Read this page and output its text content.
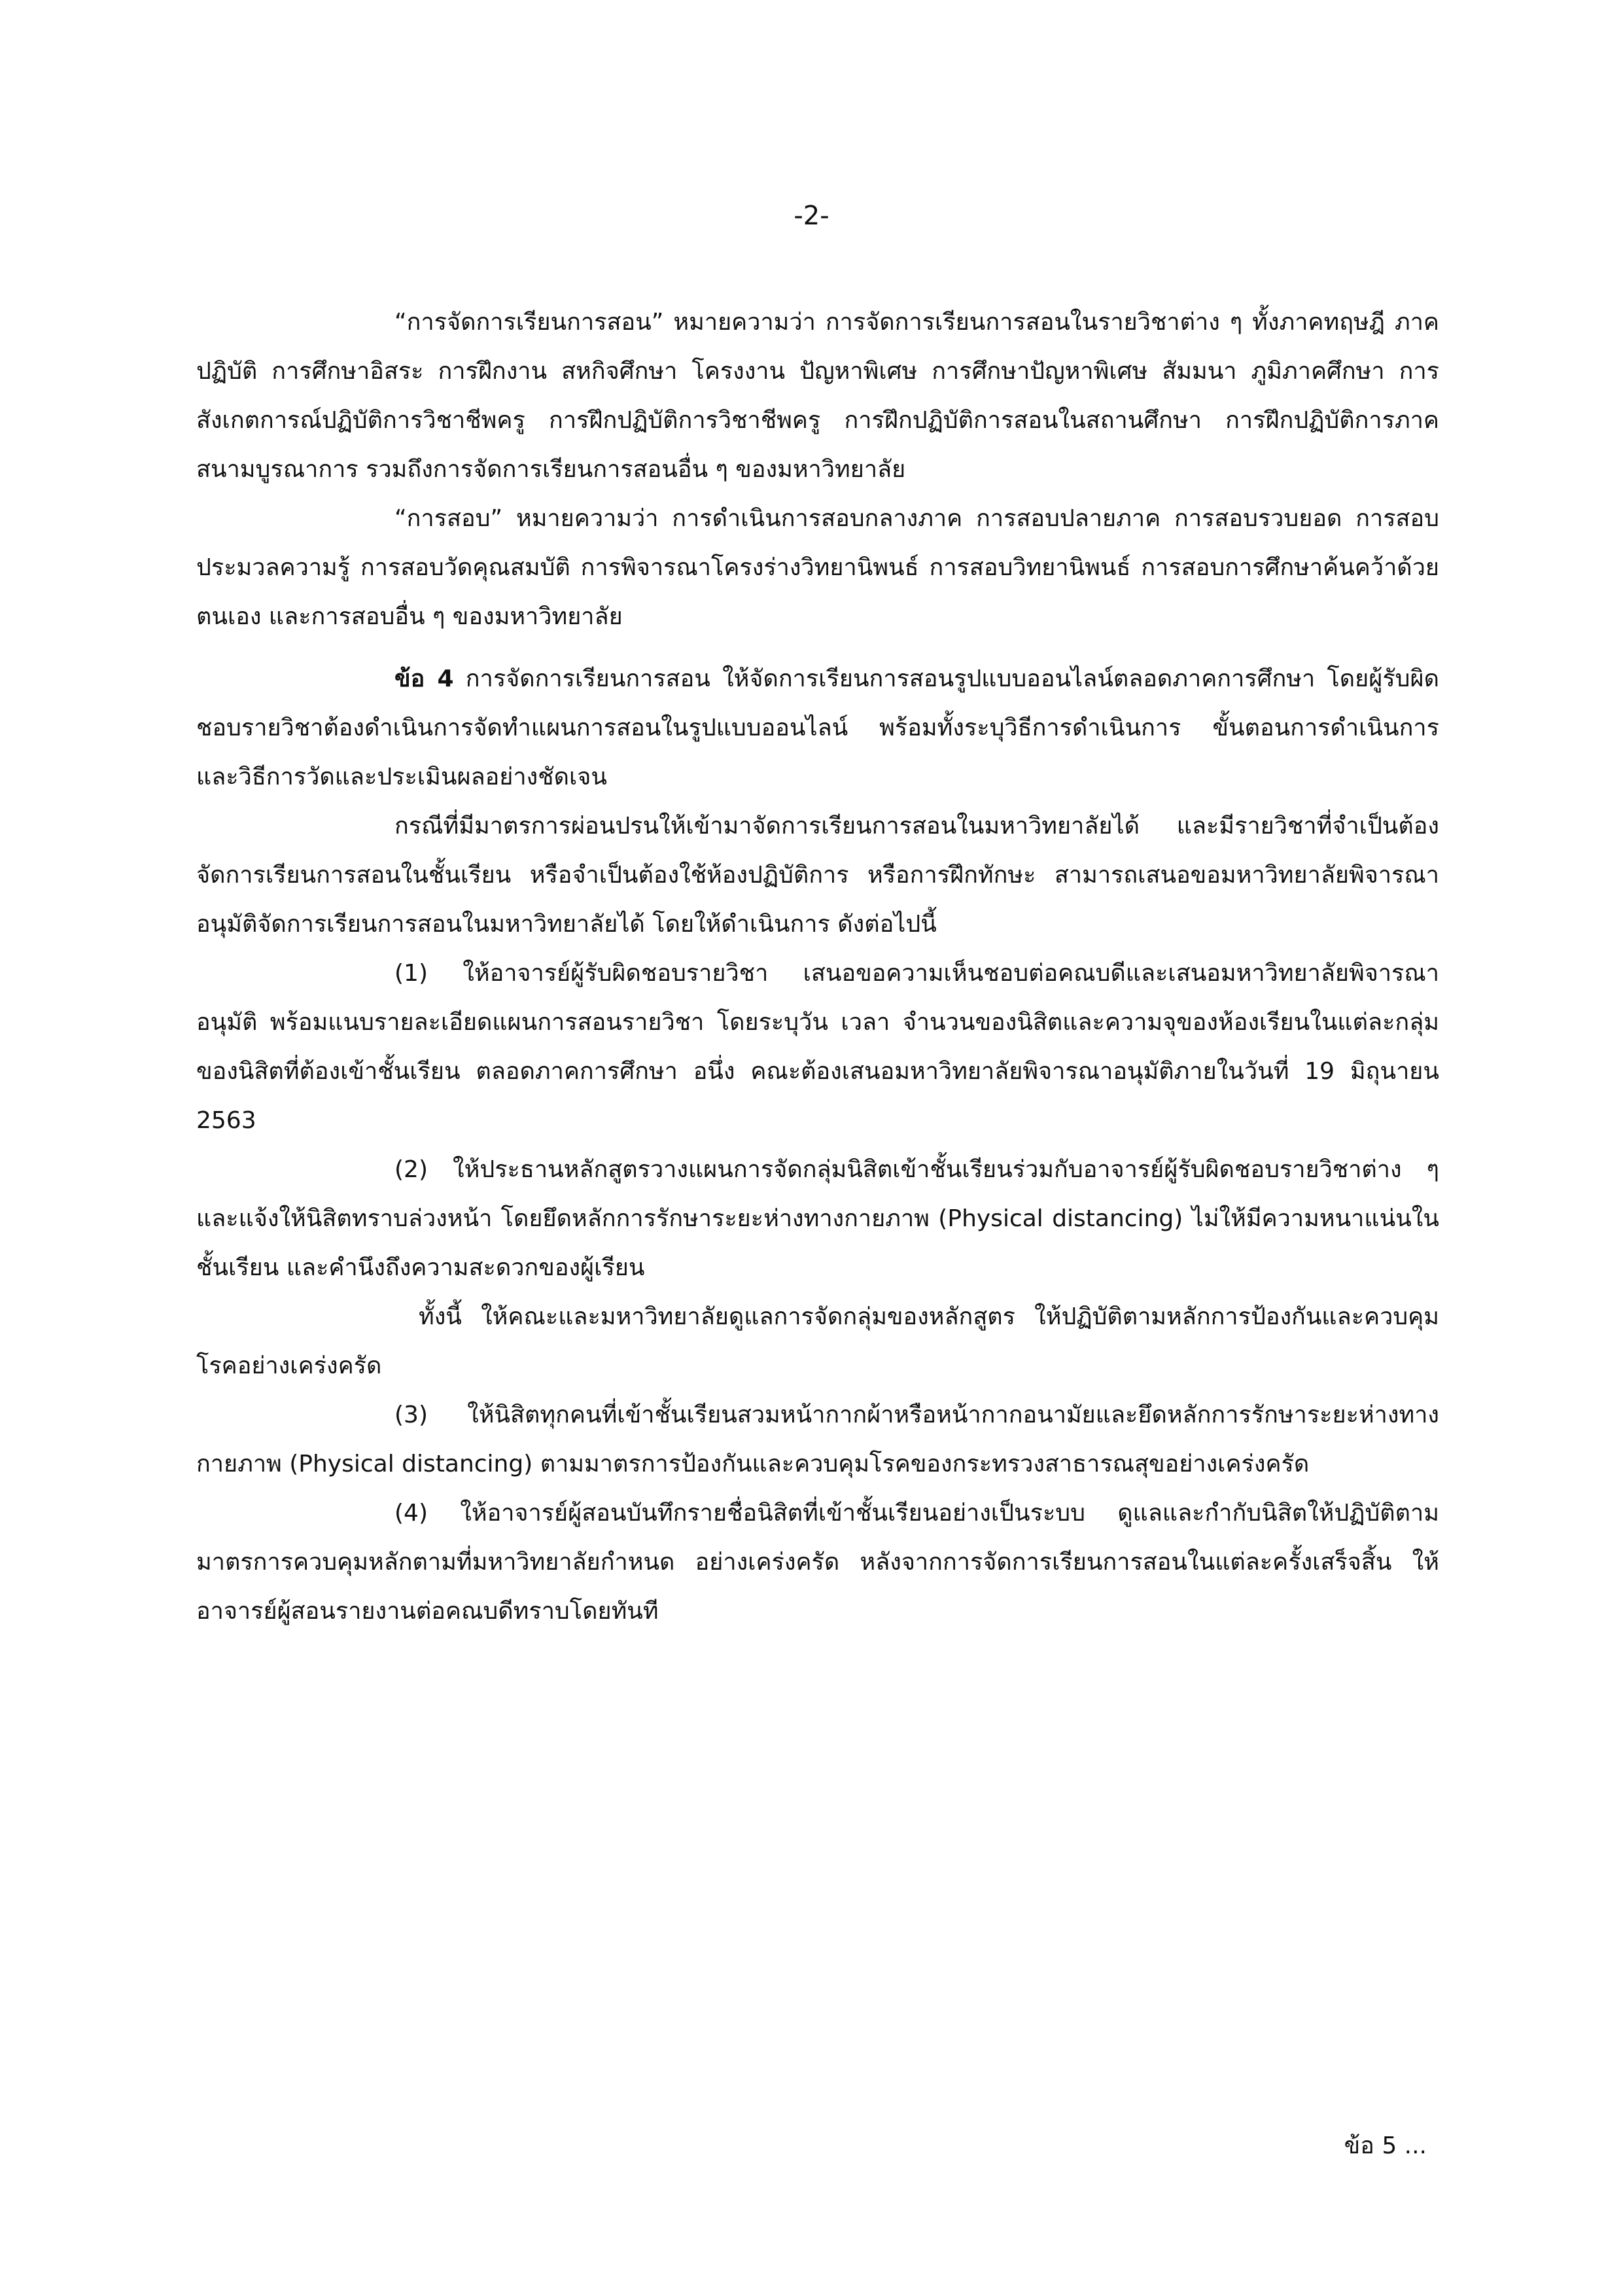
-2-

“การจัดการเรียนการสอน” หมายความว่า การจัดการเรียนการสอนในรายวิชาต่าง ๆ ทั้งภาคทฤษฎี ภาคปฏิบัติ การศึกษาอิสระ การฝึกงาน สหกิจศึกษา โครงงาน ปัญหาพิเศษ การศึกษาปัญหาพิเศษ สัมมนา ภูมิภาคศึกษา การสังเกตการณ์ปฏิบัติการวิชาชีพครู การฝึกปฏิบัติการวิชาชีพครู การฝึกปฏิบัติการสอนในสถานศึกษา การฝึกปฏิบัติการภาคสนามบูรณาการ รวมถึงการจัดการเรียนการสอนอื่น ๆ ของมหาวิทยาลัย

“การสอบ” หมายความว่า การดำเนินการสอบกลางภาค การสอบปลายภาค การสอบรวบยอด การสอบประมวลความรู้ การสอบวัดคุณสมบัติ การพิจารณาโครงร่างวิทยานิพนธ์ การสอบวิทยานิพนธ์ การสอบการศึกษาค้นคว้าด้วยตนเอง และการสอบอื่น ๆ ของมหาวิทยาลัย

ข้อ 4 การจัดการเรียนการสอน ให้จัดการเรียนการสอนรูปแบบออนไลน์ตลอดภาคการศึกษา โดยผู้รับผิดชอบรายวิชาต้องดำเนินการจัดทำแผนการสอนในรูปแบบออนไลน์ พร้อมทั้งระบุวิธีการดำเนินการ ขั้นตอนการดำเนินการ และวิธีการวัดและประเมินผลอย่างชัดเจน

กรณีที่มีมาตรการผ่อนปรนให้เข้ามาจัดการเรียนการสอนในมหาวิทยาลัยได้ และมีรายวิชาที่จำเป็นต้องจัดการเรียนการสอนในชั้นเรียน หรือจำเป็นต้องใช้ห้องปฏิบัติการ หรือการฝึกทักษะ สามารถเสนอขอมหาวิทยาลัยพิจารณาอนุมัติจัดการเรียนการสอนในมหาวิทยาลัยได้ โดยให้ดำเนินการ ดังต่อไปนี้

(1) ให้อาจารย์ผู้รับผิดชอบรายวิชา เสนอขอความเห็นชอบต่อคณบดีและเสนอมหาวิทยาลัยพิจารณาอนุมัติ พร้อมแนบรายละเอียดแผนการสอนรายวิชา โดยระบุวัน เวลา จำนวนของนิสิตและความจุของห้องเรียนในแต่ละกลุ่มของนิสิตที่ต้องเข้าชั้นเรียน ตลอดภาคการศึกษา อนึ่ง คณะต้องเสนอมหาวิทยาลัยพิจารณาอนุมัติภายในวันที่ 19 มิถุนายน 2563

(2) ให้ประธานหลักสูตรวางแผนการจัดกลุ่มนิสิตเข้าชั้นเรียนร่วมกับอาจารย์ผู้รับผิดชอบรายวิชาต่าง ๆ และแจ้งให้นิสิตทราบล่วงหน้า โดยยึดหลักการรักษาระยะห่างทางกายภาพ (Physical distancing) ไม่ให้มีความหนาแน่นในชั้นเรียน และคำนึงถึงความสะดวกของผู้เรียน

ทั้งนี้ ให้คณะและมหาวิทยาลัยดูแลการจัดกลุ่มของหลักสูตร ให้ปฏิบัติตามหลักการป้องกันและควบคุมโรคอย่างเคร่งครัด

(3) ให้นิสิตทุกคนที่เข้าชั้นเรียนสวมหน้ากากผ้าหรือหน้ากากอนามัยและยึดหลักการรักษาระยะห่างทางกายภาพ (Physical distancing) ตามมาตรการป้องกันและควบคุมโรคของกระทรวงสาธารณสุขอย่างเคร่งครัด

(4) ให้อาจารย์ผู้สอนบันทึกรายชื่อนิสิตที่เข้าชั้นเรียนอย่างเป็นระบบ ดูแลและกำกับนิสิตให้ปฏิบัติตามมาตรการควบคุมหลักตามที่มหาวิทยาลัยกำหนด อย่างเคร่งครัด หลังจากการจัดการเรียนการสอนในแต่ละครั้งเสร็จสิ้น ให้อาจารย์ผู้สอนรายงานต่อคณบดีทราบโดยทันที

ข้อ 5 ...
